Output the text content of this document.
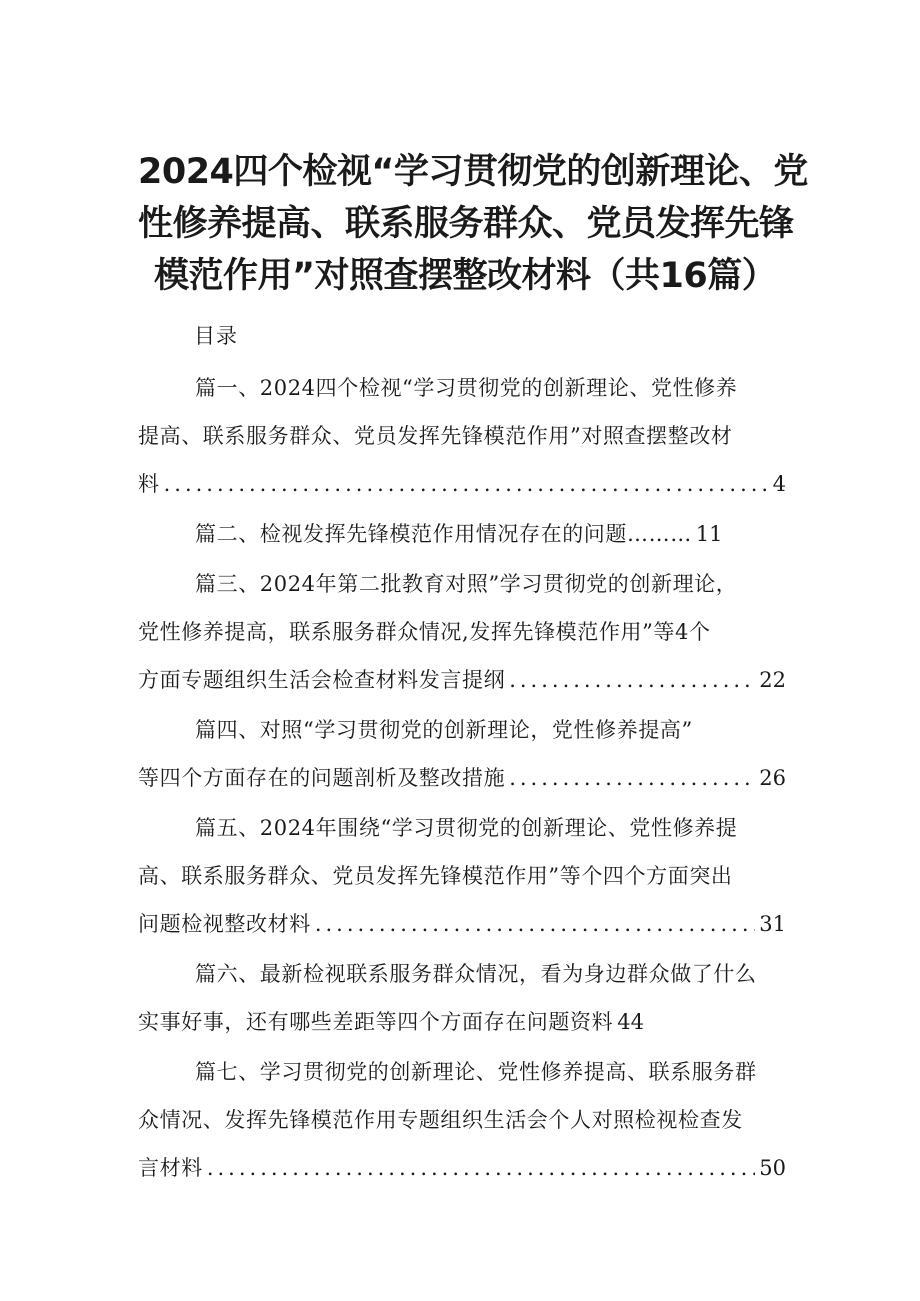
2024四个检视“学习贯彻党的创新理论、党
性修养提高、联系服务群众、党员发挥先锋
模范作用”对照查摆整改材料（共16篇）
目录
篇一、2024四个检视“学习贯彻党的创新理论、党性修养
提高、联系服务群众、党员发挥先锋模范作用”对照查摆整改材
料 .....	4
篇二、检视发挥先锋模范作用情况存在的问题……… 11
篇三、2024年第二批教育对照”学习贯彻党的创新理论，
党性修养提高，联系服务群众情况,发挥先锋模范作用”等4个
方面专题组织生活会检查材料发言提纲 .....	22
篇四、对照“学习贯彻党的创新理论，党性修养提高”
等四个方面存在的问题剖析及整改措施 .....	26
篇五、2024年围绕“学习贯彻党的创新理论、党性修养提
高、联系服务群众、党员发挥先锋模范作用”等个四个方面突出
问题检视整改材料 .....	31
篇六、最新检视联系服务群众情况，看为身边群众做了什么
实事好事，还有哪些差距等四个方面存在问题资料 44
篇七、学习贯彻党的创新理论、党性修养提高、联系服务群
众情况、发挥先锋模范作用专题组织生活会个人对照检视检查发
言材料 .....	50
